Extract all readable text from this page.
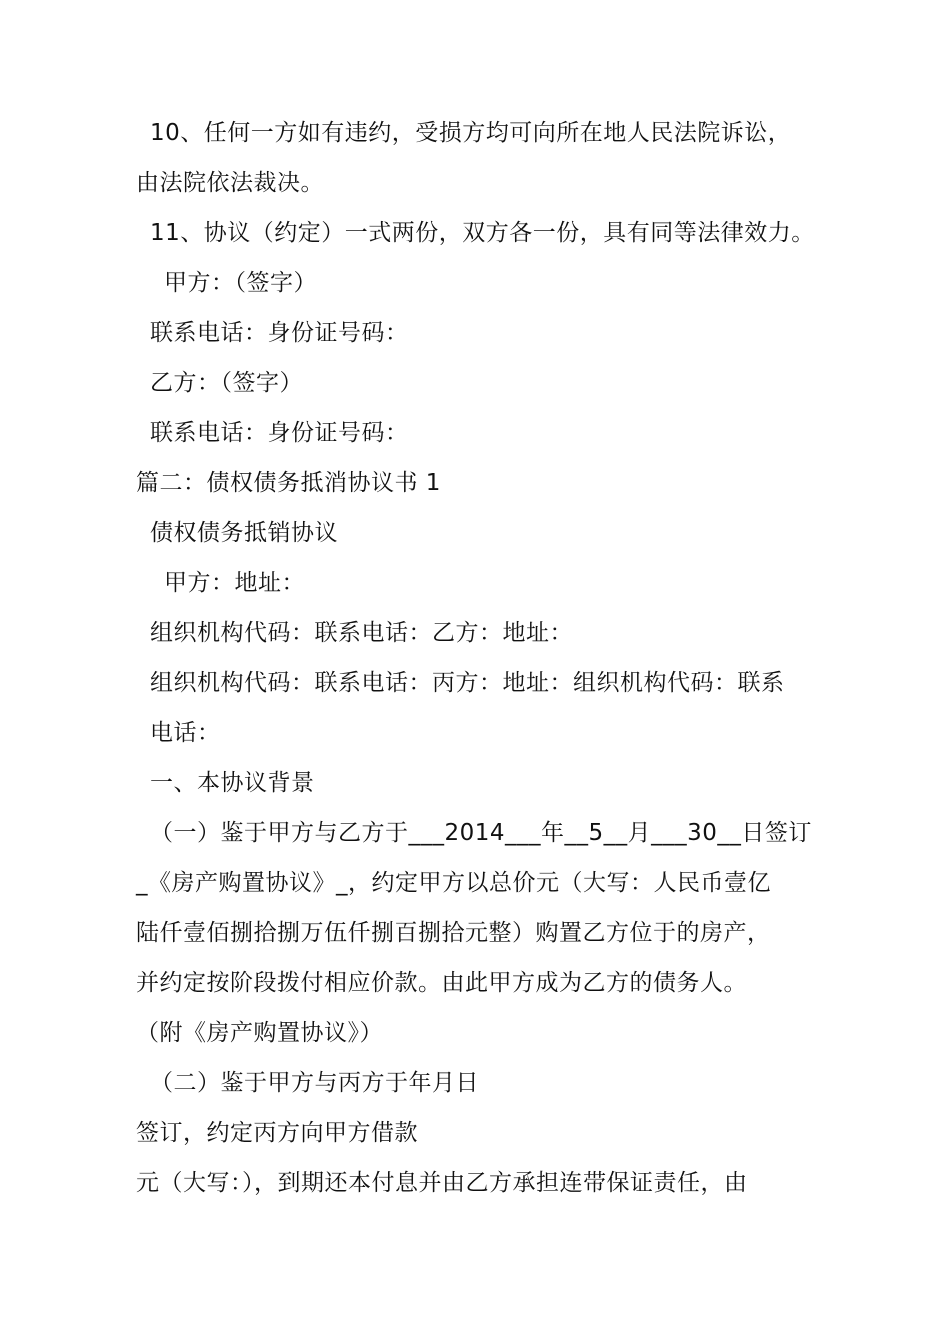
10、任何一方如有违约，受损方均可向所在地人民法院诉讼，
由法院依法裁决。
11、协议（约定）一式两份，双方各一份，具有同等法律效力。
甲方：（签字）
联系电话：身份证号码：
乙方：（签字）
联系电话：身份证号码：
篇二：债权债务抵消协议书 1
债权债务抵销协议
甲方：地址：
组织机构代码：联系电话：乙方：地址：
组织机构代码：联系电话：丙方：地址：组织机构代码：联系
电话：
一、本协议背景
（一）鉴于甲方与乙方于___2014___年__5__月___30__日签订
_《房产购置协议》_，约定甲方以总价元（大写：人民币壹亿
陆仟壹佰捌拾捌万伍仟捌百捌拾元整）购置乙方位于的房产，
并约定按阶段拨付相应价款。由此甲方成为乙方的债务人。
（附《房产购置协议》）
（二）鉴于甲方与丙方于年月日
签订，约定丙方向甲方借款
元（大写：），到期还本付息并由乙方承担连带保证责任，由
